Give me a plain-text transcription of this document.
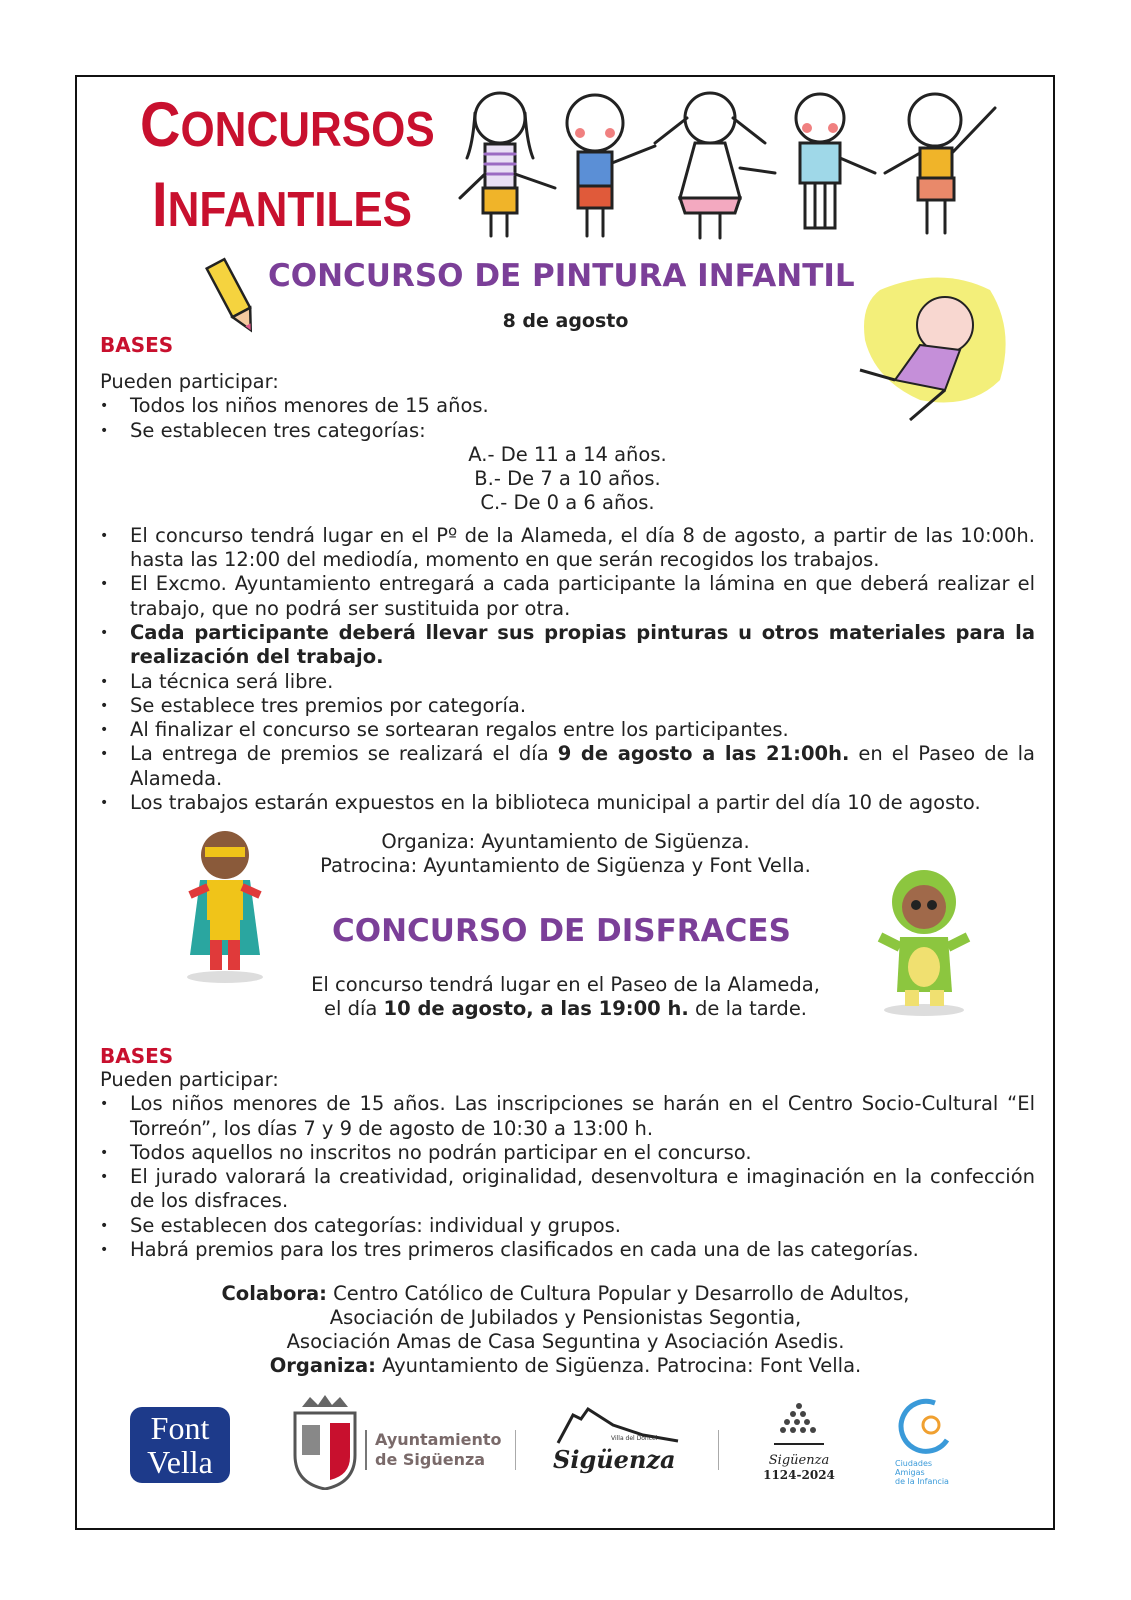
CONCURSOS
INFANTILES
CONCURSO DE PINTURA INFANTIL
8 de agosto
BASES

Pueden participar:

• Todos los niños menores de 15 años.
• Se establecen tres categorías:

A.- De 11 a 14 años.

B.- De 7 a 10 años.

C.- De 0 a 6 años.

• El concurso tendrá lugar en el Pº de la Alameda, el día 8 de agosto, a partir de las 10:00h. hasta las 12:00 del mediodía, momento en que serán recogidos los trabajos.
• El Excmo. Ayuntamiento entregará a cada participante la lámina en que deberá realizar el trabajo, que no podrá ser sustituida por otra.
• Cada participante deberá llevar sus propias pinturas u otros materiales para la realización del trabajo.
• La técnica será libre.
• Se establece tres premios por categoría.
• Al finalizar el concurso se sortearan regalos entre los participantes.
• La entrega de premios se realizará el día 9 de agosto a las 21:00h. en el Paseo de la Alameda.
• Los trabajos estarán expuestos en la biblioteca municipal a partir del día 10 de agosto.
Organiza: Ayuntamiento de Sigüenza.
Patrocina: Ayuntamiento de Sigüenza y Font Vella.
CONCURSO DE DISFRACES
El concurso tendrá lugar en el Paseo de la Alameda,
el día 10 de agosto, a las 19:00 h. de la tarde.
BASES

Pueden participar:

• Los niños menores de 15 años. Las inscripciones se harán en el Centro Socio-Cultural “El Torreón”, los días 7 y 9 de agosto de 10:30 a 13:00 h.
• Todos aquellos no inscritos no podrán participar en el concurso.
• El jurado valorará la creatividad, originalidad, desenvoltura e imaginación en la confección de los disfraces.
• Se establecen dos categorías: individual y grupos.
• Habrá premios para los tres primeros clasificados en cada una de las categorías.
Colabora: Centro Católico de Cultura Popular y Desarrollo de Adultos,
Asociación de Jubilados y Pensionistas Segontia,
Asociación Amas de Casa Seguntina y Asociación Asedis.
Organiza: Ayuntamiento de Sigüenza. Patrocina: Font Vella.
Font
Vella
Ayuntamiento
de Sigüenza
Villa del Doncel
Sigüenza	Sigüenza
1124-2024
Ciudades
Amigas
de la Infancia
